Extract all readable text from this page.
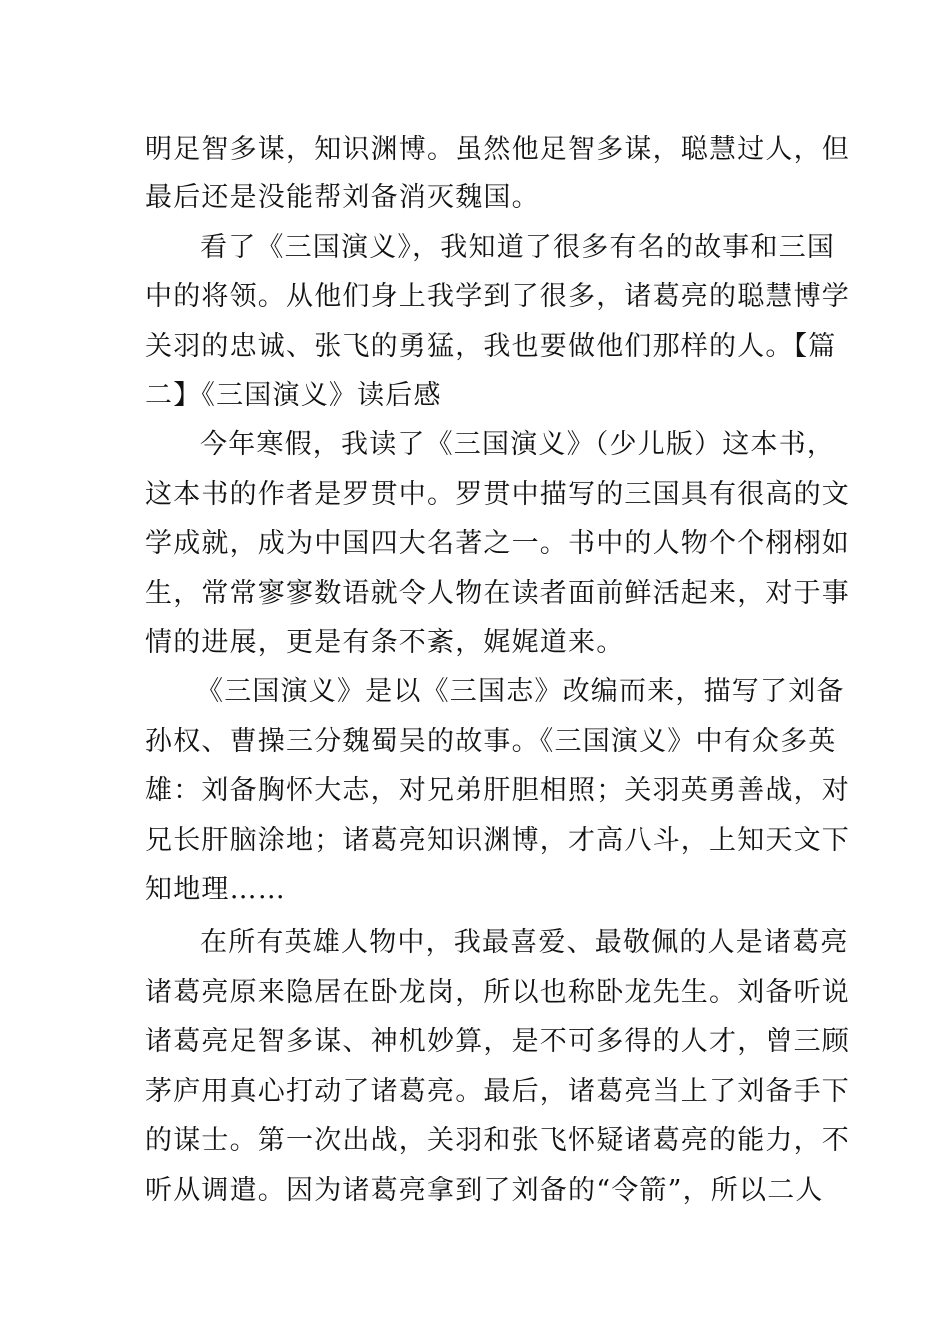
明足智多谋，知识渊博。虽然他足智多谋，聪慧过人，但
最后还是没能帮刘备消灭魏国。
看了《三国演义》，我知道了很多有名的故事和三国
中的将领。从他们身上我学到了很多，诸葛亮的聪慧博学
关羽的忠诚、张飞的勇猛，我也要做他们那样的人。【篇
二】《三国演义》读后感
今年寒假，我读了《三国演义》（少儿版）这本书，
这本书的作者是罗贯中。罗贯中描写的三国具有很高的文
学成就，成为中国四大名著之一。书中的人物个个栩栩如
生，常常寥寥数语就令人物在读者面前鲜活起来，对于事
情的进展，更是有条不紊，娓娓道来。
《三国演义》是以《三国志》改编而来，描写了刘备
孙权、曹操三分魏蜀吴的故事。《三国演义》中有众多英
雄：刘备胸怀大志，对兄弟肝胆相照；关羽英勇善战，对
兄长肝脑涂地；诸葛亮知识渊博，才高八斗，上知天文下
知地理……
在所有英雄人物中，我最喜爱、最敬佩的人是诸葛亮
诸葛亮原来隐居在卧龙岗，所以也称卧龙先生。刘备听说
诸葛亮足智多谋、神机妙算，是不可多得的人才，曾三顾
茅庐用真心打动了诸葛亮。最后，诸葛亮当上了刘备手下
的谋士。第一次出战，关羽和张飞怀疑诸葛亮的能力，不
听从调遣。因为诸葛亮拿到了刘备的“令箭”，所以二人
